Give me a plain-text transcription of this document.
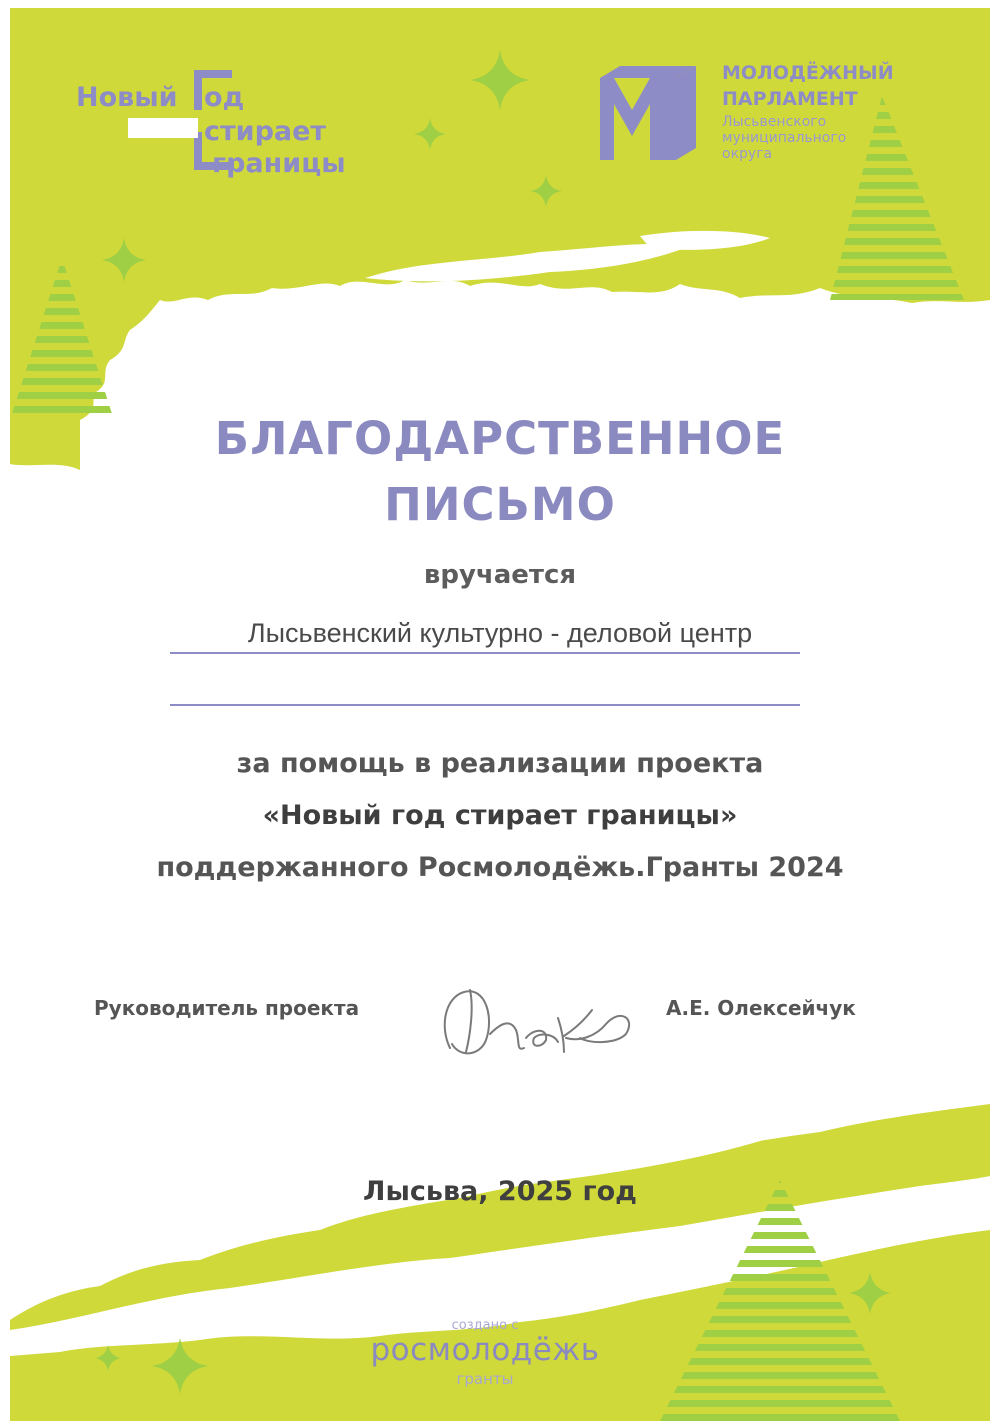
Новый од
стирает
границы
МОЛОДЁЖНЫЙ
ПАРЛАМЕНТ
Лысьвенского
муниципального
округа
БЛАГОДАРСТВЕННОЕ
ПИСЬМО
вручается
Лысьвенский культурно - деловой центр
за помощь в реализации проекта
«Новый год стирает границы»
поддержанного Росмолодёжь.Гранты 2024
Руководитель проекта	А.Е. Олексейчук
Лысьва, 2025 год
создано с
росмолодёжь
гранты
